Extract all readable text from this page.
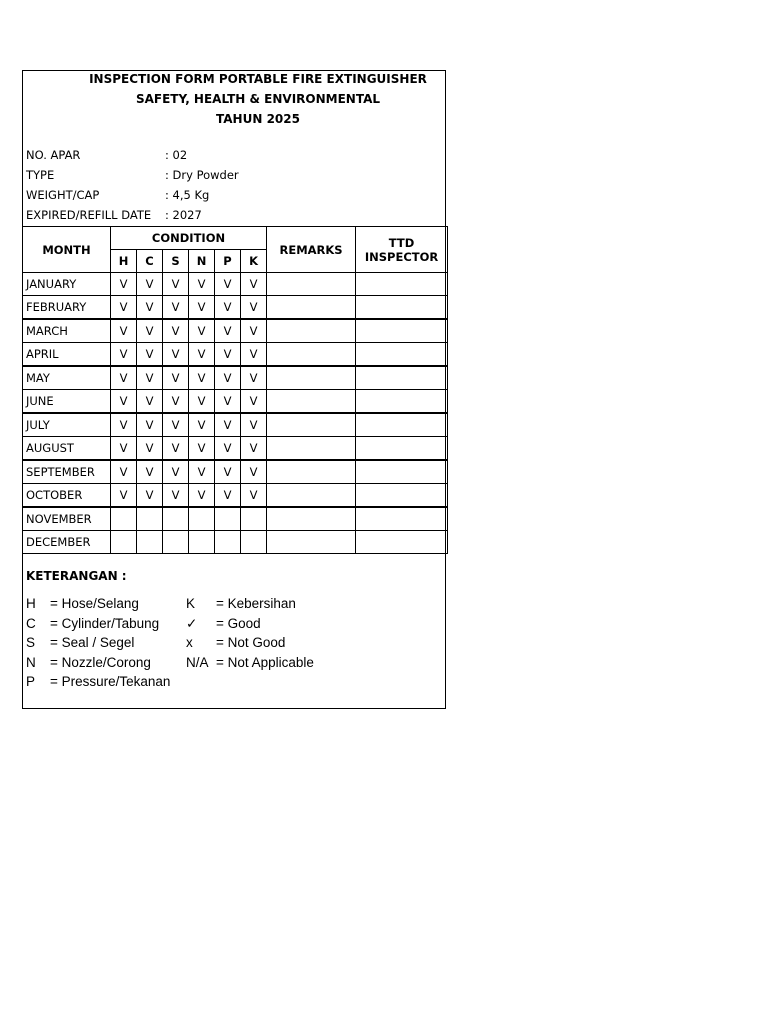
INSPECTION FORM PORTABLE FIRE EXTINGUISHER
SAFETY, HEALTH & ENVIRONMENTAL
TAHUN 2025
NO. APAR	: 02
TYPE	: Dry Powder
WEIGHT/CAP	: 4,5 Kg
EXPIRED/REFILL DATE : 2027
MONTH	CONDITION						REMARKS	TTD
INSPECTOR

	H	C	S	N	P	K		
JANUARY	V	V	V	V	V	V		
FEBRUARY	V	V	V	V	V	V		
MARCH	V	V	V	V	V	V		
APRIL	V	V	V	V	V	V		
MAY	V	V	V	V	V	V		
JUNE	V	V	V	V	V	V		
JULY	V	V	V	V	V	V		
AUGUST	V	V	V	V	V	V		
SEPTEMBER	V	V	V	V	V	V		
OCTOBER	V	V	V	V	V	V		
NOVEMBER								
DECEMBER								
KETERANGAN :
H = Hose/Selang
C = Cylinder/Tabung
S = Seal / Segel
N = Nozzle/Corong
P = Pressure/Tekanan
K = Kebersihan
✓ = Good
x = Not Good
N/A = Not Applicable
